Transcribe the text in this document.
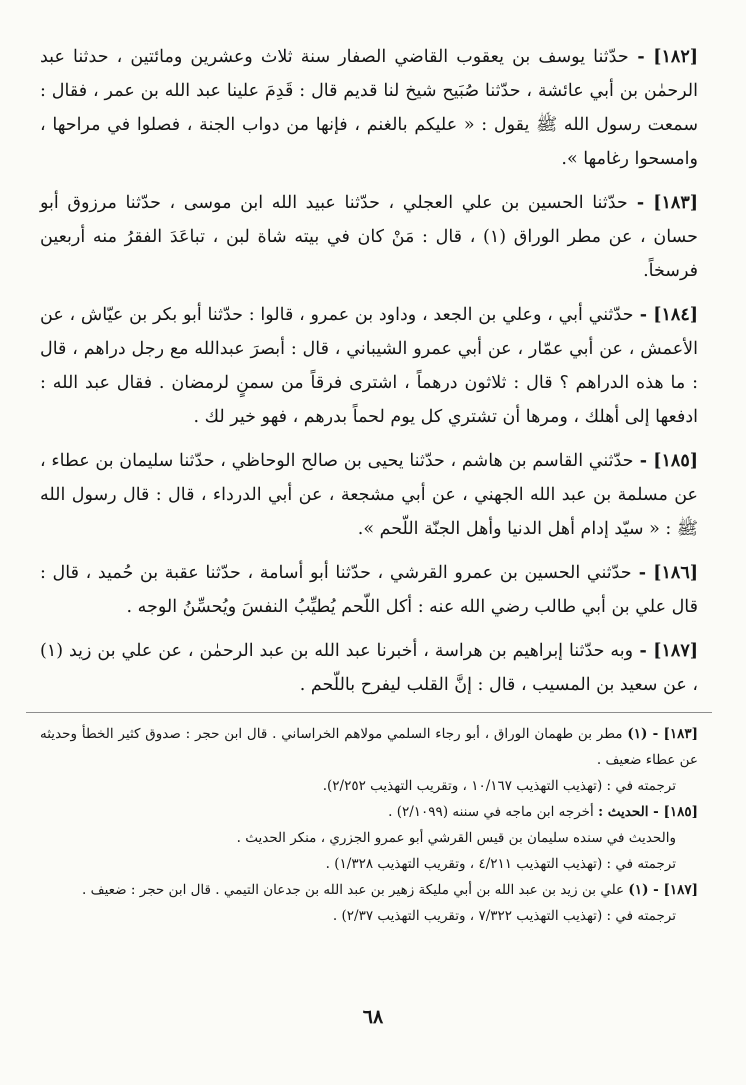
[١٨٢] - حدّثنا يوسف بن يعقوب القاضي الصفار سنة ثلاث وعشرين ومائتين ، حدثنا عبد الرحمٰن بن أبي عائشة ، حدّثنا صُبَيح شيخ لنا قديم قال : قَدِمَ علينا عبد الله بن عمر ، فقال : سمعت رسول الله ﷺ يقول : « عليكم بالغنم ، فإنها من دواب الجنة ، فصلوا في مراحها ، وامسحوا رغامها ».

[١٨٣] - حدّثنا الحسين بن علي العجلي ، حدّثنا عبيد الله ابن موسى ، حدّثنا مرزوق أبو حسان ، عن مطر الوراق (١) ، قال : مَنْ كان في بيته شاة لبن ، تباعَدَ الفقرُ منه أربعين فرسخاً.

[١٨٤] - حدّثني أبي ، وعلي بن الجعد ، وداود بن عمرو ، قالوا : حدّثنا أبو بكر بن عيّاش ، عن الأعمش ، عن أبي عمّار ، عن أبي عمرو الشيباني ، قال : أبصرَ عبدالله مع رجل دراهم ، قال : ما هذه الدراهم ؟ قال : ثلاثون درهماً ، اشترى فرقاً من سمنٍ لرمضان . فقال عبد الله : ادفعها إلى أهلك ، ومرها أن تشتري كل يوم لحماً بدرهم ، فهو خير لك .

[١٨٥] - حدّثني القاسم بن هاشم ، حدّثنا يحيى بن صالح الوحاظي ، حدّثنا سليمان بن عطاء ، عن مسلمة بن عبد الله الجهني ، عن أبي مشجعة ، عن أبي الدرداء ، قال : قال رسول الله ﷺ : « سيّد إدام أهل الدنيا وأهل الجنّة اللّحم ».

[١٨٦] - حدّثني الحسين بن عمرو القرشي ، حدّثنا أبو أسامة ، حدّثنا عقبة بن حُميد ، قال : قال علي بن أبي طالب رضي الله عنه : أكل اللّحم يُطيِّبُ النفسَ ويُحسِّنُ الوجه .

[١٨٧] - وبه حدّثنا إبراهيم بن هراسة ، أخبرنا عبد الله بن عبد الرحمٰن ، عن علي بن زيد (١) ، عن سعيد بن المسيب ، قال : إنَّ القلب ليفرح باللّحم .

[١٨٣] - (١) مطر بن طهمان الوراق ، أبو رجاء السلمي مولاهم الخراساني . قال ابن حجر : صدوق كثير الخطأ وحديثه عن عطاء ضعيف .
ترجمته في : (تهذيب التهذيب ١٠/١٦٧ ، وتقريب التهذيب ٢/٢٥٢).
[١٨٥] - الحديث : أخرجه ابن ماجه في سننه (٢/١٠٩٩) .
والحديث في سنده سليمان بن قيس القرشي أبو عمرو الجزري ، منكر الحديث .
ترجمته في : (تهذيب التهذيب ٤/٢١١ ، وتقريب التهذيب ١/٣٢٨) .
[١٨٧] - (١) علي بن زيد بن عبد الله بن أبي مليكة زهير بن عبد الله بن جدعان التيمي . قال ابن حجر : ضعيف .
ترجمته في : (تهذيب التهذيب ٧/٣٢٢ ، وتقريب التهذيب ٢/٣٧) .
٦٨
